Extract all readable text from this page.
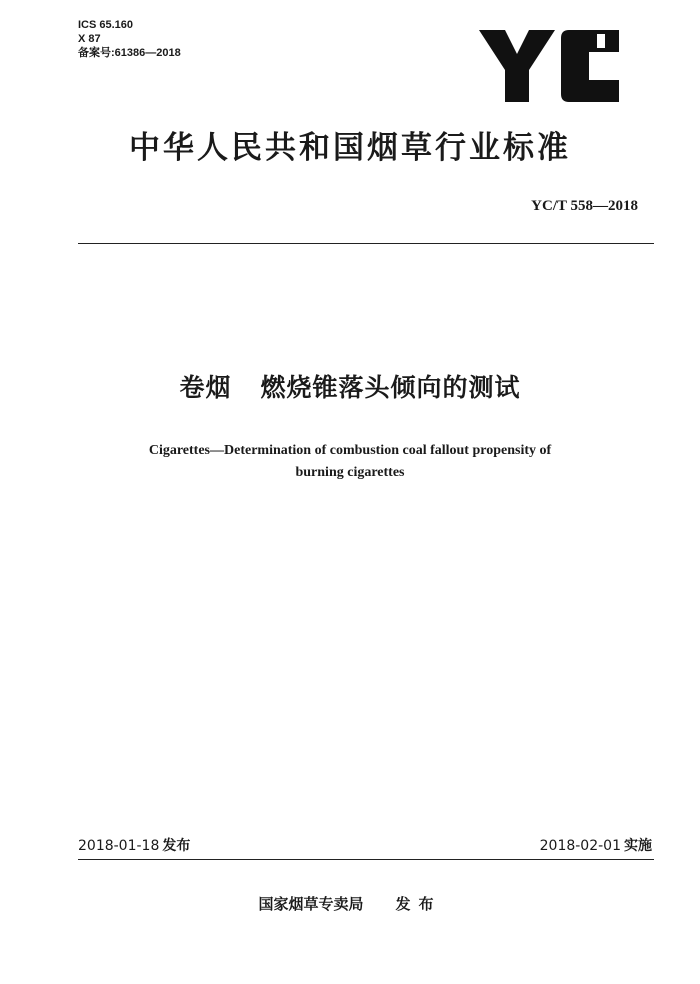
ICS 65.160
X 87
备案号:61386—2018
中华人民共和国烟草行业标准
YC/T 558—2018
卷烟   燃烧锥落头倾向的测试
Cigarettes—Determination of combustion coal fallout propensity of
burning cigarettes
2018-01-18 发布	2018-02-01 实施
国家烟草专卖局 发布
